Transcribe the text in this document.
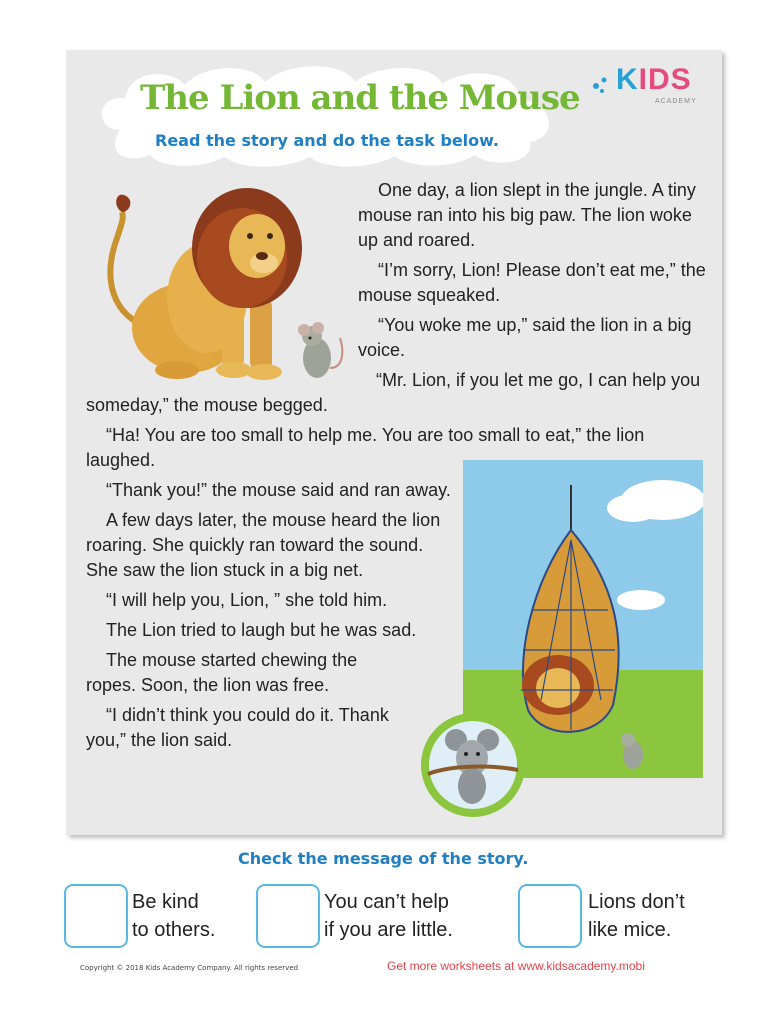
The Lion and the Mouse
Read the story and do the task below.
KIDS
ACADEMY

One day, a lion slept in the jungle. A tiny mouse ran into his big paw. The lion woke up and roared.

“I’m sorry, Lion! Please don’t eat me,” the mouse squeaked.

“You woke me up,” said the lion in a big voice.

“Mr. Lion, if you let me go, I can help you someday,” the mouse begged.

“Ha! You are too small to help me. You are too small to eat,” the lion laughed.

“Thank you!” the mouse said and ran away.

A few days later, the mouse heard the lion roaring. She quickly ran toward the sound. She saw the lion stuck in a big net.

“I will help you, Lion, ” she told him.

The Lion tried to laugh but he was sad.

The mouse started chewing the ropes. Soon, the lion was free.

“I didn’t think you could do it. Thank you,” the lion said.

Check the message of the story.
Be kind
to others.
You can’t help
if you are little.
Lions don’t
like mice.
Copyright © 2018 Kids Academy Company. All rights reserved	Get more worksheets at www.kidsacademy.mobi
